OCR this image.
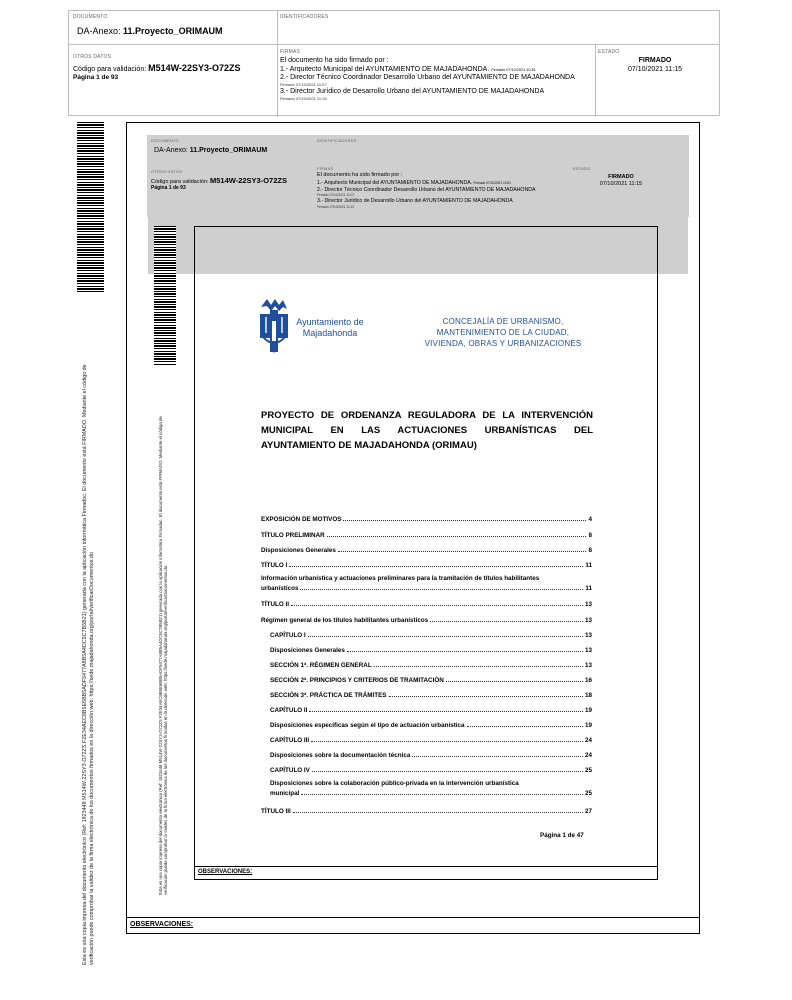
DOCUMENTO
DA-Anexo: 11.Proyecto_ORIMAUM
IDENTIFICADORES
OTROS DATOS
Código para validación: M514W-22SY3-O72ZS
Página 1 de 93
FIRMAS
El documento ha sido firmado por :
1.- Arquitecto Municipal del AYUNTAMIENTO DE MAJADAHONDA. Firmado 07/10/2021 10:51
2.- Director Técnico Coordinador Desarrollo Urbano del AYUNTAMIENTO DE MAJADAHONDA
Firmado 07/10/2021 11:07
3.- Director Jurídico de Desarrollo Urbano del AYUNTAMIENTO DE MAJADAHONDA
Firmado 07/10/2021 11:15
ESTADO
FIRMADO
07/10/2021 11:15
Esta es una copia impresa del documento electrónico (Ref: 1823448 M514W-22SY3-O72ZS F2E34AEC8B5E6BB5ADF5477A8B5A4DC5C7B5B21) generada con la aplicación informática Firmadoc. El documento está FIRMADO. Mediante el código de verificación puede comprobar la validez de la firma electrónica de los documentos firmados en la dirección web: https://sede.majadahonda.org/portal/verificarDocumentos.do	OBSERVACIONES:
DOCUMENTO
DA-Anexo: 11.Proyecto_ORIMAUM
IDENTIFICADORES
OTROS DATOS
Código para validación: M514W-22SY3-O72ZS
Página 1 de 93
FIRMAS
El documento ha sido firmado por :
1.- Arquitecto Municipal del AYUNTAMIENTO DE MAJADAHONDA. Firmado 07/10/2021 10:51
2.- Director Técnico Coordinador Desarrollo Urbano del AYUNTAMIENTO DE MAJADAHONDA
Firmado 07/10/2021 11:07
3.- Director Jurídico de Desarrollo Urbano del AYUNTAMIENTO DE MAJADAHONDA
Firmado 07/10/2021 11:15
ESTADO
FIRMADO
07/10/2021 11:15
Esta es una copia impresa del documento electrónico (Ref: 1823448 M514W-22SY3-O72ZS F2E34AEC8B5E6BB5ADF5477A8B5A4DC5C7B5B21) generada con la aplicación informática Firmadoc. El documento está FIRMADO. Mediante el código de verificación puede comprobar la validez de la firma electrónica de los documentos firmados en la dirección web: https://sede.majadahonda.org/portal/verificarDocumentos.do	OBSERVACIONES:
Ayuntamiento de
Majadahonda
CONCEJALÍA DE URBANISMO,
MANTENIMIENTO DE LA CIUDAD,
VIVIENDA, OBRAS Y URBANIZACIONES
PROYECTO DE ORDENANZA REGULADORA DE LA INTERVENCIÓN MUNICIPAL EN LAS ACTUACIONES URBANÍSTICAS DEL AYUNTAMIENTO DE MAJADAHONDA (ORIMAU)
EXPOSICIÓN DE MOTIVOS	4
TÍTULO PRELIMINAR	8
Disposiciones Generales	8
TÍTULO I	11
Información urbanística y actuaciones preliminares para la tramitación de títulos habilitantes
urbanísticos	11
TÍTULO II	13
Régimen general de los títulos habilitantes urbanísticos	13
CAPÍTULO I	13
Disposiciones Generales	13
SECCIÓN 1ª. RÉGIMEN GENERAL	13
SECCIÓN 2ª. PRINCIPIOS Y CRITERIOS DE TRAMITACIÓN	16
SECCIÓN 3ª. PRÁCTICA DE TRÁMITES	18
CAPÍTULO II	19
Disposiciones específicas según el tipo de actuación urbanística	19
CAPÍTULO III	24
Disposiciones sobre la documentación técnica	24
CAPÍTULO IV	25
Disposiciones sobre la colaboración público-privada en la intervención urbanística
municipal	25
TÍTULO III	27
Página 1 de 47
